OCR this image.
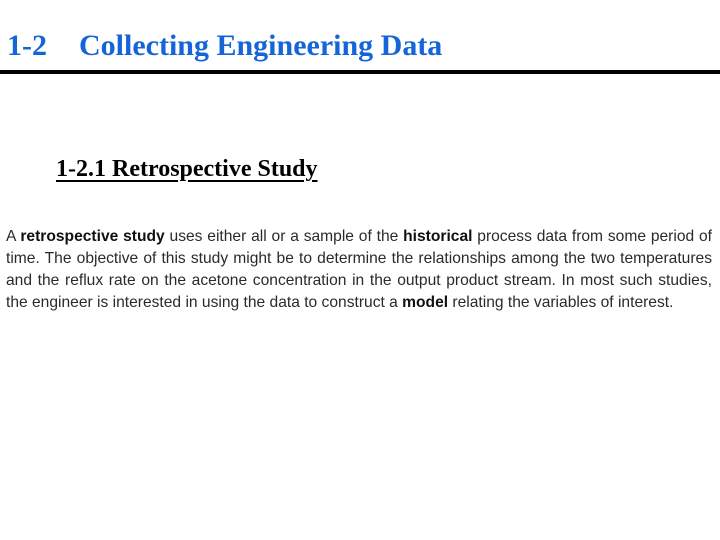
1-2 Collecting Engineering Data
1-2.1 Retrospective Study

A retrospective study uses either all or a sample of the historical process data from some period of time. The objective of this study might be to determine the relationships among the two temperatures and the reflux rate on the acetone concentration in the output product stream. In most such studies, the engineer is interested in using the data to construct a model relating the variables of interest.
